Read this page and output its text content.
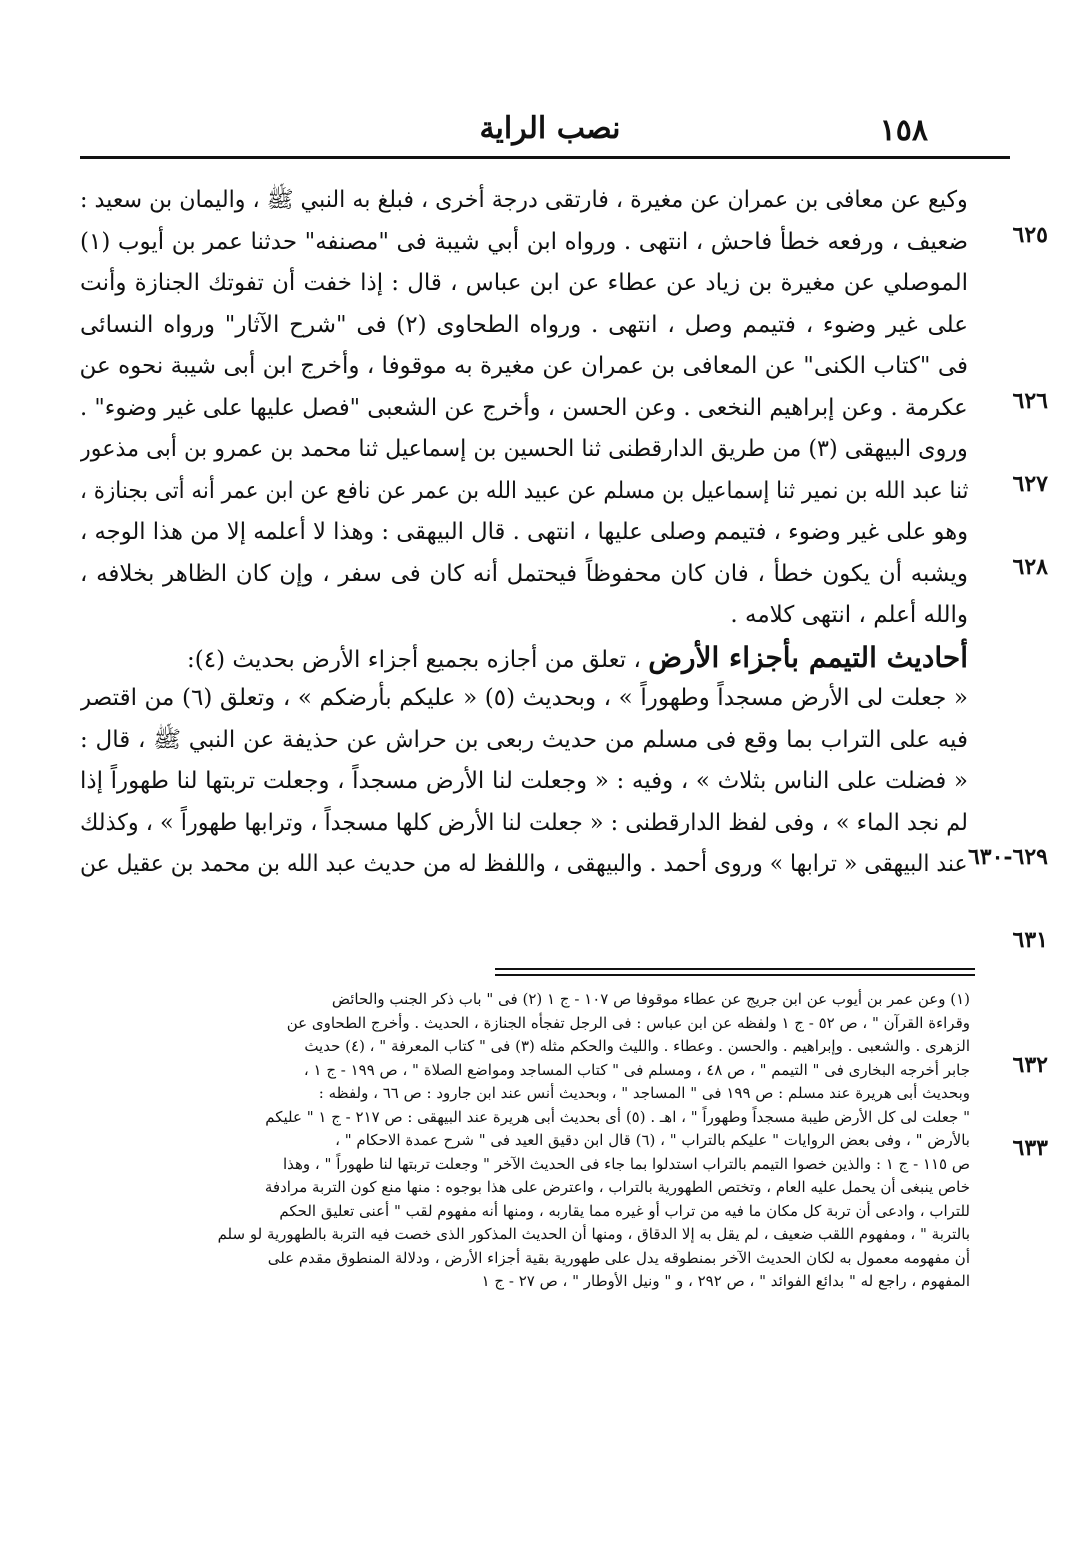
١٥٨
نصب الراية
وكيع عن معافى بن عمران عن مغيرة ، فارتقى درجة أخرى ، فبلغ به النبي ﷺ ، واليمان بن سعيد :
ضعيف ، ورفعه خطأ فاحش ، انتهى . ورواه ابن أبي شيبة فى "مصنفه" حدثنا عمر بن أيوب (١)	٦٢٥
الموصلي عن مغيرة بن زياد عن عطاء عن ابن عباس ، قال : إذا خفت أن تفوتك الجنازة وأنت
على غير وضوء ، فتيمم وصل ، انتهى . ورواه الطحاوى (٢) فى "شرح الآثار" ورواه النسائى
فى "كتاب الكنى" عن المعافى بن عمران عن مغيرة به موقوفا ، وأخرج ابن أبى شيبة نحوه عن
٦٢٦
عكرمة . وعن إبراهيم النخعى . وعن الحسن ، وأخرج عن الشعبى "فصل عليها على غير وضوء" .
٦٢٧
وروى البيهقى (٣) من طريق الدارقطنى ثنا الحسين بن إسماعيل ثنا محمد بن عمرو بن أبى مذعور
٦٢٨
ثنا عبد الله بن نمير ثنا إسماعيل بن مسلم عن عبيد الله بن عمر عن نافع عن ابن عمر أنه أتى بجنازة ،
وهو على غير وضوء ، فتيمم وصلى عليها ، انتهى . قال البيهقى : وهذا لا أعلمه إلا من هذا الوجه ،
ويشبه أن يكون خطأ ، فان كان محفوظاً فيحتمل أنه كان فى سفر ، وإن كان الظاهر بخلافه ،
والله أعلم ، انتهى كلامه .
أحاديث التيمم بأجزاء الأرض ، تعلق من أجازه بجميع أجزاء الأرض بحديث (٤):
« جعلت لى الأرض مسجداً وطهوراً » ، وبحديث (٥) « عليكم بأرضكم » ، وتعلق (٦) من اقتصر
٦٢٩-٦٣٠
فيه على التراب بما وقع فى مسلم من حديث ربعى بن حراش عن حذيفة عن النبي ﷺ ، قال :
٦٣١
« فضلت على الناس بثلاث » ، وفيه : « وجعلت لنا الأرض مسجداً ، وجعلت تربتها لنا طهوراً إذا
لم نجد الماء » ، وفى لفظ الدارقطنى : « جعلت لنا الأرض كلها مسجداً ، وترابها طهوراً » ، وكذلك
٦٣٢
عند البيهقى « ترابها » وروى أحمد . والبيهقى ، واللفظ له من حديث عبد الله بن محمد بن عقيل عن
٦٣٣
(١) وعن عمر بن أيوب عن ابن جريج عن عطاء موقوفا ص ١٠٧ - ج ١ (٢) فى " باب ذكر الجنب والحائض
وقراءة القرآن " ، ص ٥٢ - ج ١ ولفظه عن ابن عباس : فى الرجل تفجأه الجنازة ، الحديث . وأخرج الطحاوى عن
الزهرى . والشعبى . وإبراهيم . والحسن . وعطاء . والليث والحكم مثله (٣) فى " كتاب المعرفة " ، (٤) حديث
جابر أخرجه البخارى فى " التيمم " ، ص ٤٨ ، ومسلم فى " كتاب المساجد ومواضع الصلاة " ، ص ١٩٩ - ج ١ ،
وبحديث أبى هريرة عند مسلم : ص ١٩٩ فى " المساجد " ، وبحديث أنس عند ابن جارود : ص ٦٦ ، ولفظه :
" جعلت لى كل الأرض طيبة مسجداً وطهوراً " ، اهـ . (٥) أى بحديث أبى هريرة عند البيهقى : ص ٢١٧ - ج ١ " عليكم
بالأرض " ، وفى بعض الروايات " عليكم بالتراب " ، (٦) قال ابن دقيق العيد فى " شرح عمدة الاحكام " ،
ص ١١٥ - ج ١ : والذين خصوا التيمم بالتراب استدلوا بما جاء فى الحديث الآخر " وجعلت تربتها لنا طهوراً " ، وهذا
خاص ينبغى أن يحمل عليه العام ، وتختص الطهورية بالتراب ، واعترض على هذا بوجوه : منها منع كون التربة مرادفة
للتراب ، وادعى أن تربة كل مكان ما فيه من تراب أو غيره مما يقاربه ، ومنها أنه مفهوم لقب " أعنى تعليق الحكم
بالتربة " ، ومفهوم اللقب ضعيف ، لم يقل به إلا الدقاق ، ومنها أن الحديث المذكور الذى خصت فيه التربة بالطهورية لو سلم
أن مفهومه معمول به لكان الحديث الآخر بمنطوقه يدل على طهورية بقية أجزاء الأرض ، ودلالة المنطوق مقدم على
المفهوم ، راجع له " بدائع الفوائد " ، ص ٢٩٢ ، و " ونيل الأوطار " ، ص ٢٧ - ج ١
